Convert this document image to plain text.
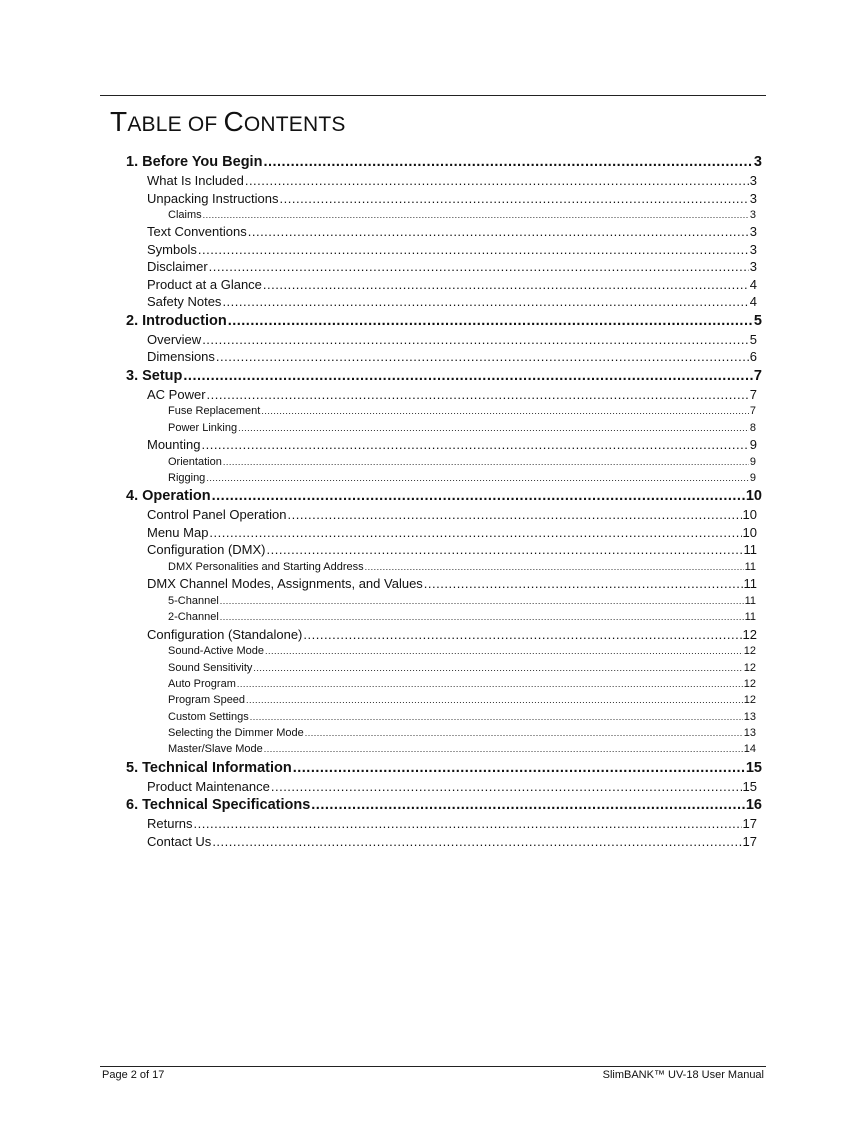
TABLE OF CONTENTS
1. Before You Begin .....	3
What Is Included .....	3
Unpacking Instructions .....	3
Claims .....	3
Text Conventions .....	3
Symbols .....	3
Disclaimer .....	3
Product at a Glance .....	4
Safety Notes .....	4
2. Introduction .....	5
Overview .....	5
Dimensions .....	6
3. Setup .....	7
AC Power .....	7
Fuse Replacement .....	7
Power Linking .....	8
Mounting .....	9
Orientation .....	9
Rigging .....	9
4. Operation .....	10
Control Panel Operation .....	10
Menu Map .....	10
Configuration (DMX) .....	11
DMX Personalities and Starting Address .....	11
DMX Channel Modes, Assignments, and Values .....	11
5-Channel .....	11
2-Channel .....	11
Configuration (Standalone) .....	12
Sound-Active Mode .....	12
Sound Sensitivity .....	12
Auto Program .....	12
Program Speed .....	12
Custom Settings .....	13
Selecting the Dimmer Mode .....	13
Master/Slave Mode .....	14
5. Technical Information .....	15
Product Maintenance .....	15
6. Technical Specifications .....	16
Returns .....	17
Contact Us .....	17
Page 2 of 17	SlimBANK™ UV-18 User Manual
